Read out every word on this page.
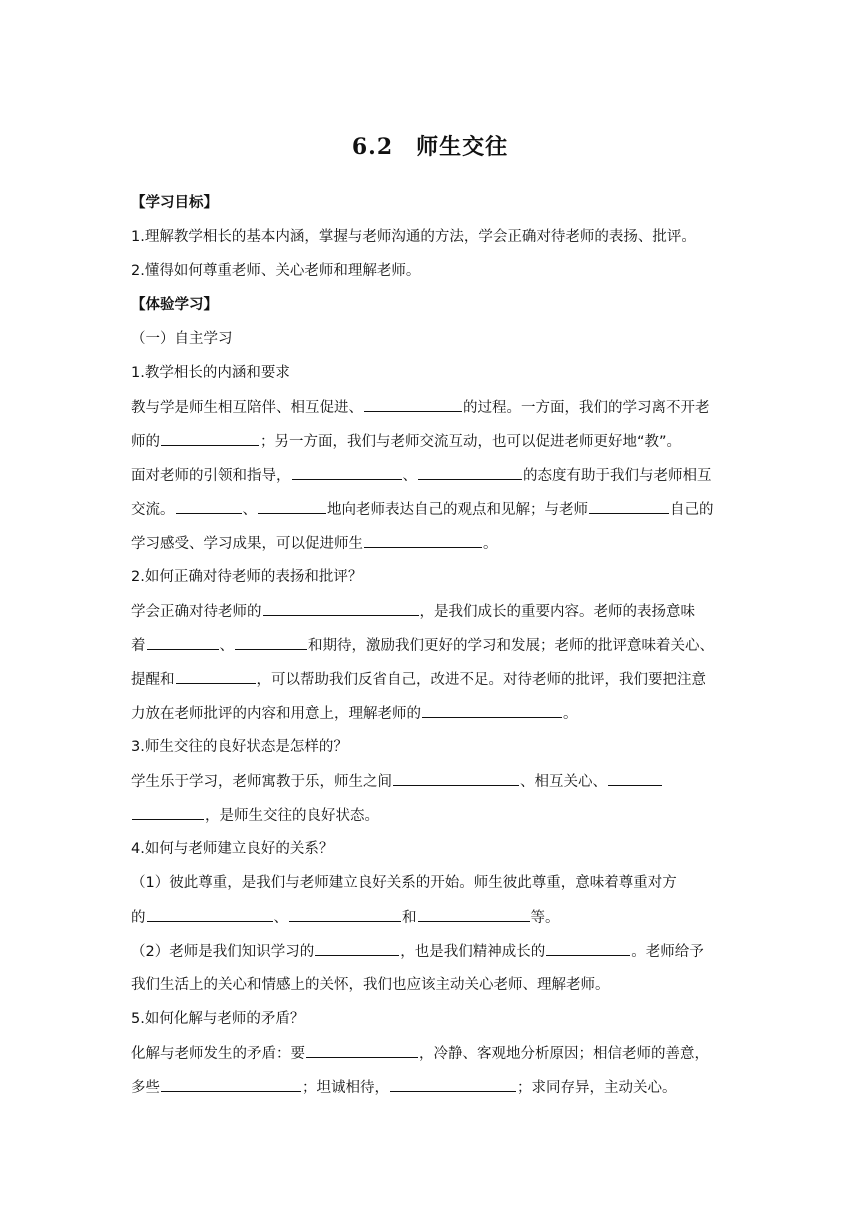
6.2　师生交往
【学习目标】
1.理解教学相长的基本内涵，掌握与老师沟通的方法，学会正确对待老师的表扬、批评。
2.懂得如何尊重老师、关心老师和理解老师。
【体验学习】
（一）自主学习
1.教学相长的内涵和要求
教与学是师生相互陪伴、相互促进、	的过程。一方面，我们的学习离不开老
师的	；另一方面，我们与老师交流互动，也可以促进老师更好地“教”。
面对老师的引领和指导，	、	的态度有助于我们与老师相互
交流。	、	地向老师表达自己的观点和见解；与老师	自己的
学习感受、学习成果，可以促进师生	。
2.如何正确对待老师的表扬和批评？
学会正确对待老师的	，是我们成长的重要内容。老师的表扬意味
着	、	和期待，激励我们更好的学习和发展；老师的批评意味着关心、
提醒和	，可以帮助我们反省自己，改进不足。对待老师的批评，我们要把注意
力放在老师批评的内容和用意上，理解老师的	。
3.师生交往的良好状态是怎样的？
学生乐于学习，老师寓教于乐，师生之间	、相互关心、
，是师生交往的良好状态。
4.如何与老师建立良好的关系？
（1）彼此尊重，是我们与老师建立良好关系的开始。师生彼此尊重，意味着尊重对方
的	、	和	等。
（2）老师是我们知识学习的	，也是我们精神成长的	。老师给予
我们生活上的关心和情感上的关怀，我们也应该主动关心老师、理解老师。
5.如何化解与老师的矛盾？
化解与老师发生的矛盾：要	，冷静、客观地分析原因；相信老师的善意，
多些	；坦诚相待，	；求同存异，主动关心。
